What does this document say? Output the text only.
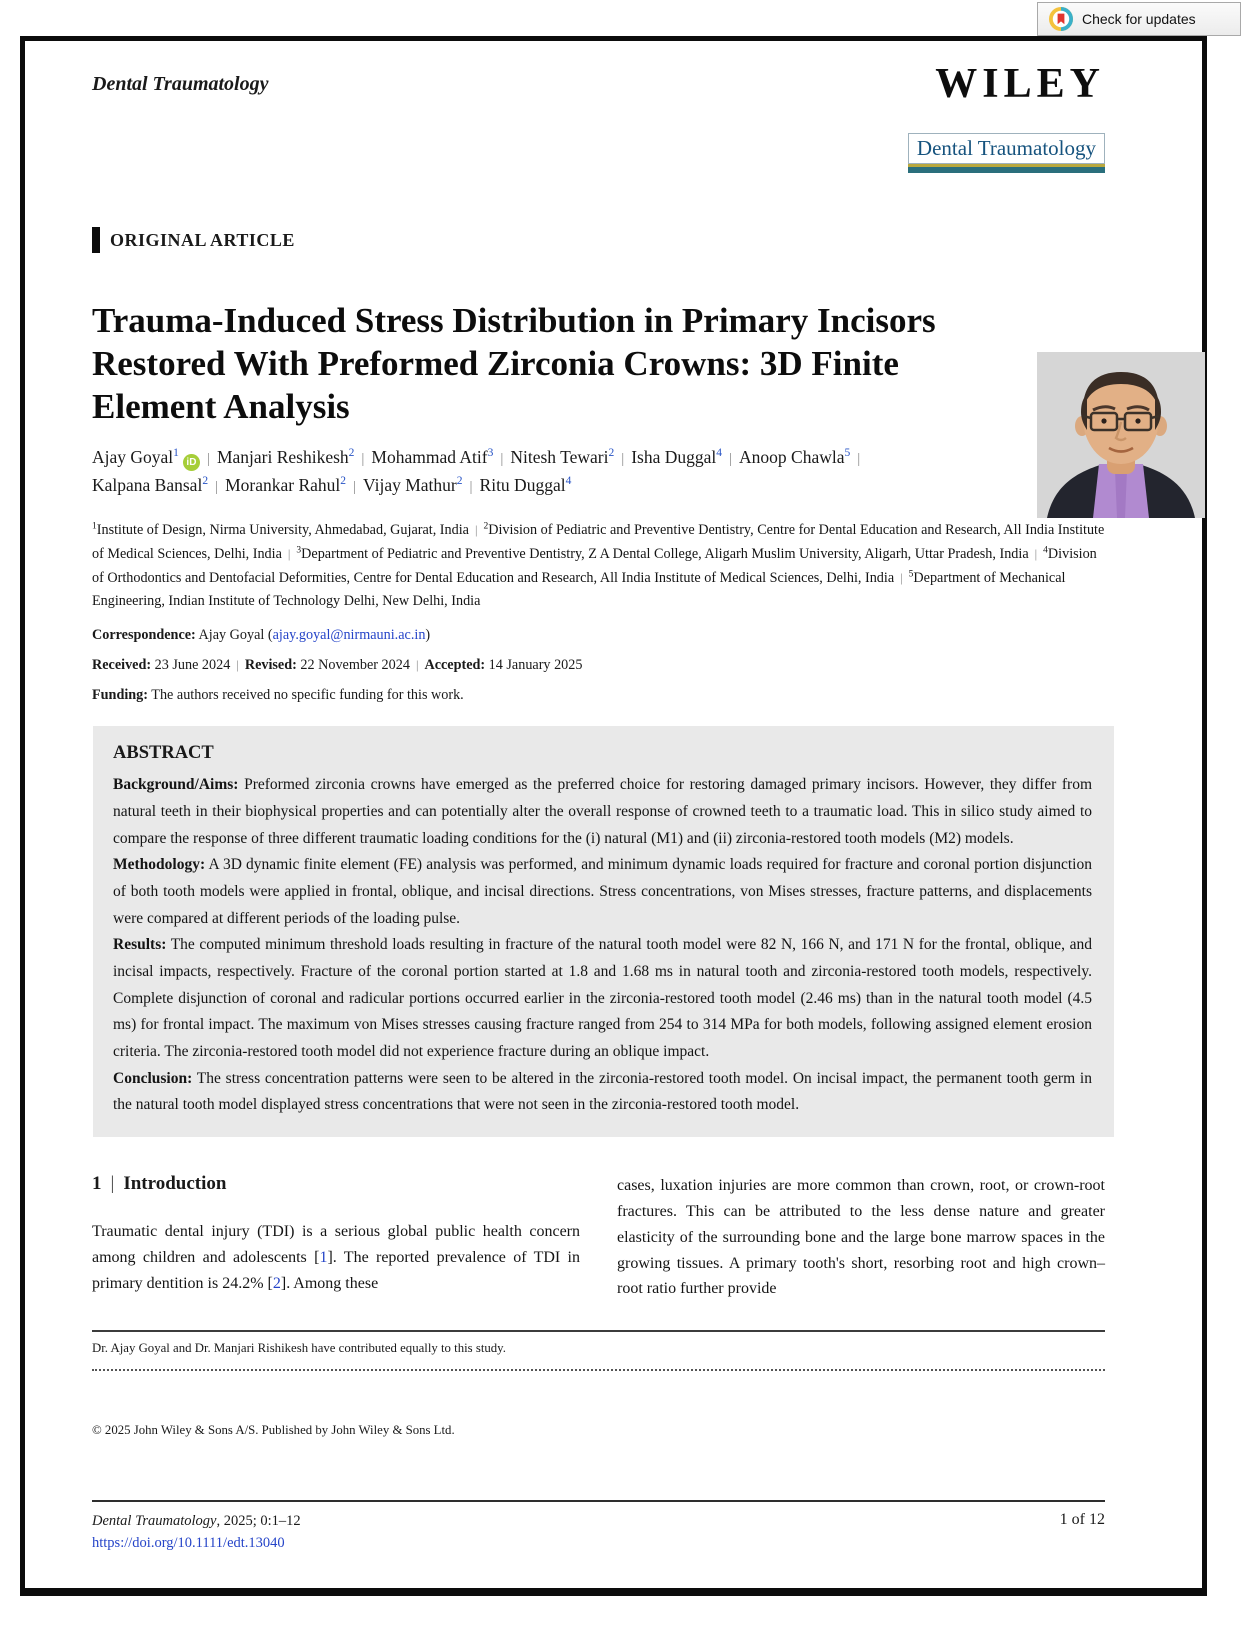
Check for updates
Dental Traumatology	WILEY
Dental Traumatology
ORIGINAL ARTICLE
Trauma-Induced Stress Distribution in Primary Incisors Restored With Preformed Zirconia Crowns: 3D Finite Element Analysis
Ajay Goyal$^1$iD | Manjari Reshikesh$^2$ | Mohammad Atif$^3$ | Nitesh Tewari$^2$ | Isha Duggal$^4$ | Anoop Chawla$^5$ |
Kalpana Bansal$^2$ | Morankar Rahul$^2$ | Vijay Mathur$^2$ | Ritu Duggal$^4$

$^1$Institute of Design, Nirma University, Ahmedabad, Gujarat, India | $^2$Division of Pediatric and Preventive Dentistry, Centre for Dental Education and Research, All India Institute of Medical Sciences, Delhi, India | $^3$Department of Pediatric and Preventive Dentistry, Z A Dental College, Aligarh Muslim University, Aligarh, Uttar Pradesh, India | $^4$Division of Orthodontics and Dentofacial Deformities, Centre for Dental Education and Research, All India Institute of Medical Sciences, Delhi, India | $^5$Department of Mechanical Engineering, Indian Institute of Technology Delhi, New Delhi, India

Correspondence: Ajay Goyal (ajay.goyal@nirmauni.ac.in)

Received: 23 June 2024 | Revised: 22 November 2024 | Accepted: 14 January 2025

Funding: The authors received no specific funding for this work.

ABSTRACT

Background/Aims: Preformed zirconia crowns have emerged as the preferred choice for restoring damaged primary incisors. However, they differ from natural teeth in their biophysical properties and can potentially alter the overall response of crowned teeth to a traumatic load. This in silico study aimed to compare the response of three different traumatic loading conditions for the (i) natural (M1) and (ii) zirconia-restored tooth models (M2) models.

Methodology: A 3D dynamic finite element (FE) analysis was performed, and minimum dynamic loads required for fracture and coronal portion disjunction of both tooth models were applied in frontal, oblique, and incisal directions. Stress concentrations, von Mises stresses, fracture patterns, and displacements were compared at different periods of the loading pulse.

Results: The computed minimum threshold loads resulting in fracture of the natural tooth model were 82 N, 166 N, and 171 N for the frontal, oblique, and incisal impacts, respectively. Fracture of the coronal portion started at 1.8 and 1.68 ms in natural tooth and zirconia-restored tooth models, respectively. Complete disjunction of coronal and radicular portions occurred earlier in the zirconia-restored tooth model (2.46 ms) than in the natural tooth model (4.5 ms) for frontal impact. The maximum von Mises stresses causing fracture ranged from 254 to 314 MPa for both models, following assigned element erosion criteria. The zirconia-restored tooth model did not experience fracture during an oblique impact.

Conclusion: The stress concentration patterns were seen to be altered in the zirconia-restored tooth model. On incisal impact, the permanent tooth germ in the natural tooth model displayed stress concentrations that were not seen in the zirconia-restored tooth model.

1 | Introduction

Traumatic dental injury (TDI) is a serious global public health concern among children and adolescents [1]. The reported prevalence of TDI in primary dentition is 24.2% [2]. Among these

cases, luxation injuries are more common than crown, root, or crown-root fractures. This can be attributed to the less dense nature and greater elasticity of the surrounding bone and the large bone marrow spaces in the growing tissues. A primary tooth's short, resorbing root and high crown–root ratio further provide

Dr. Ajay Goyal and Dr. Manjari Rishikesh have contributed equally to this study.

© 2025 John Wiley & Sons A/S. Published by John Wiley & Sons Ltd.

Dental Traumatology, 2025; 0:1–12
https://doi.org/10.1111/edt.13040
1 of 12
